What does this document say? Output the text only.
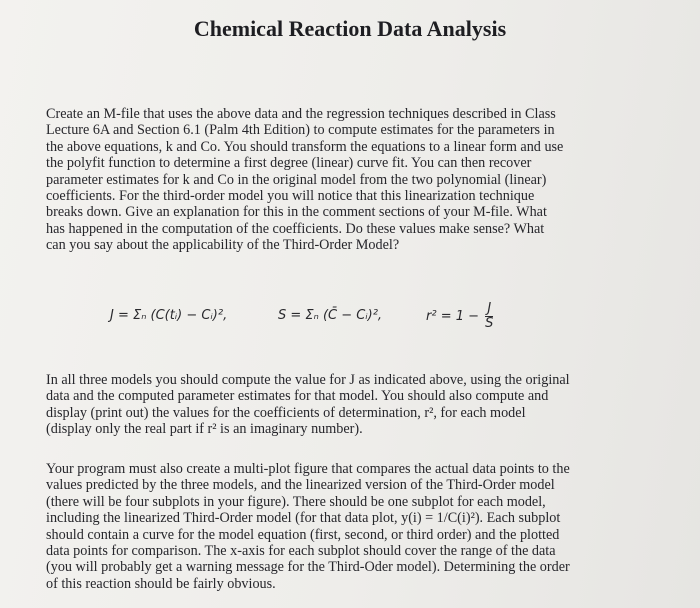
Chemical Reaction Data Analysis
Create an M-file that uses the above data and the regression techniques described in Class
Lecture 6A and Section 6.1 (Palm 4th Edition) to compute estimates for the parameters in
the above equations, k and Co. You should transform the equations to a linear form and use
the polyfit function to determine a first degree (linear) curve fit. You can then recover
parameter estimates for k and Co in the original model from the two polynomial (linear)
coefficients. For the third-order model you will notice that this linearization technique
breaks down. Give an explanation for this in the comment sections of your M-file. What
has happened in the computation of the coefficients. Do these values make sense? What
can you say about the applicability of the Third-Order Model?
J = Σₙ (C(tᵢ) − Cᵢ)²,	S = Σₙ (C̄ − Cᵢ)²,	$r^2 = 1 - \frac{J}{S}$
In all three models you should compute the value for J as indicated above, using the original
data and the computed parameter estimates for that model. You should also compute and
display (print out) the values for the coefficients of determination, r², for each model
(display only the real part if r² is an imaginary number).
Your program must also create a multi-plot figure that compares the actual data points to the
values predicted by the three models, and the linearized version of the Third-Order model
(there will be four subplots in your figure). There should be one subplot for each model,
including the linearized Third-Order model (for that data plot, y(i) = 1/C(i)²). Each subplot
should contain a curve for the model equation (first, second, or third order) and the plotted
data points for comparison. The x-axis for each subplot should cover the range of the data
(you will probably get a warning message for the Third-Oder model). Determining the order
of this reaction should be fairly obvious.
